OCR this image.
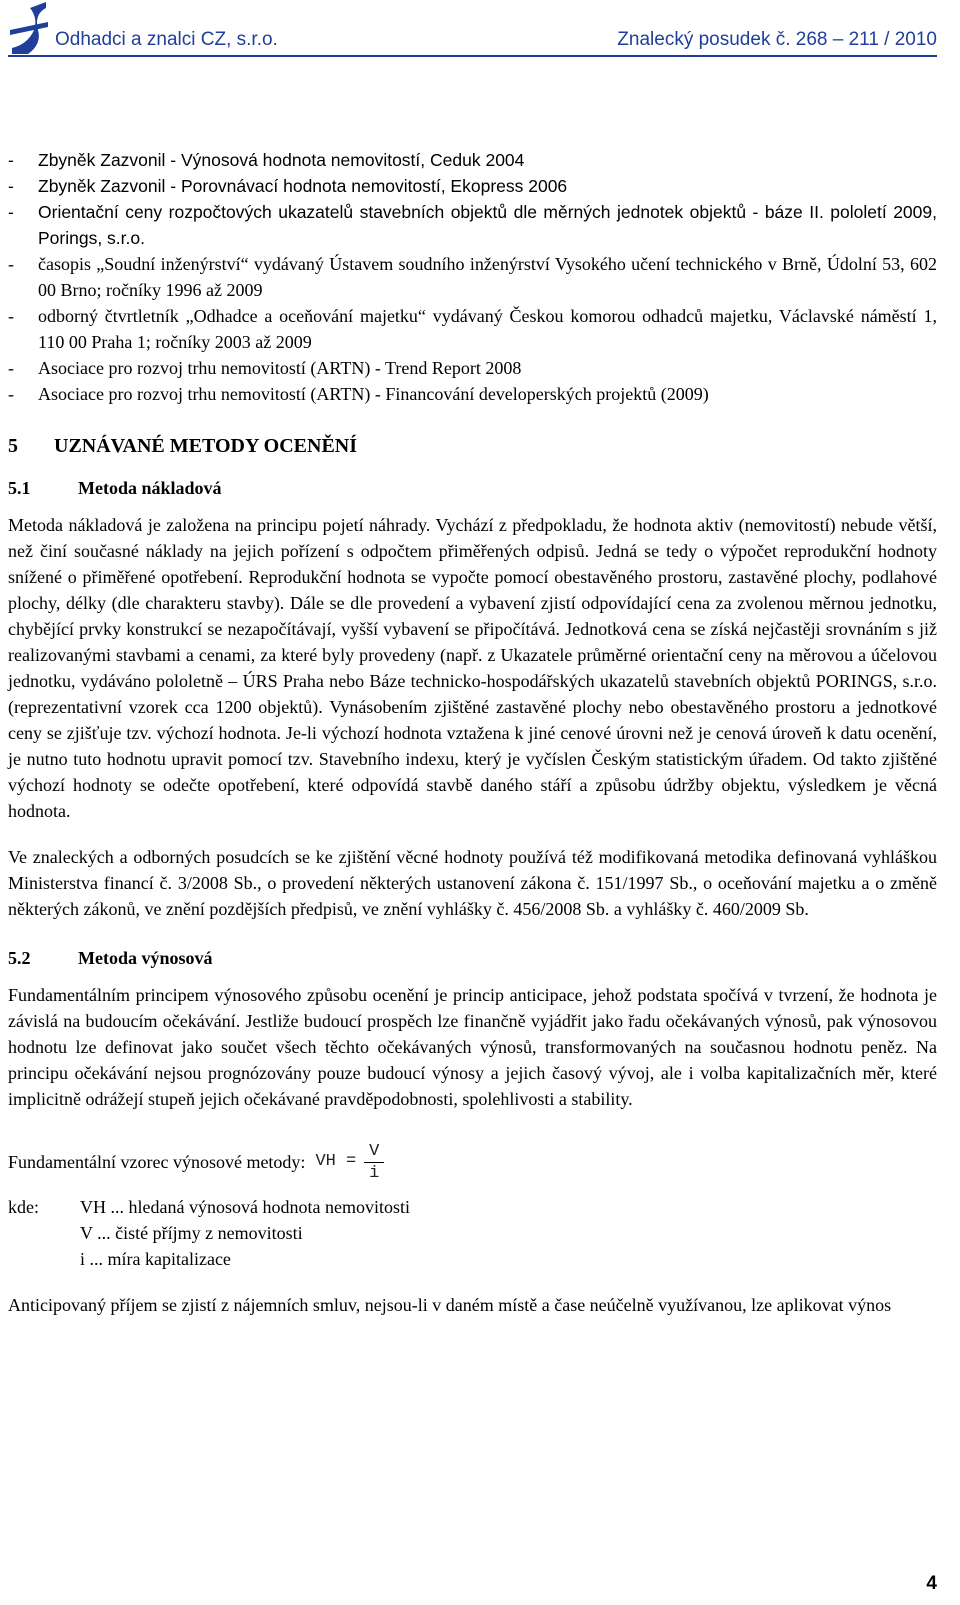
Odhadci a znalci CZ, s.r.o.	Znalecký posudek č. 268 – 211 / 2010
-	Zbyněk Zazvonil - Výnosová hodnota nemovitostí, Ceduk 2004
-	Zbyněk Zazvonil - Porovnávací hodnota nemovitostí, Ekopress 2006
-	Orientační ceny rozpočtových ukazatelů stavebních objektů dle měrných jednotek objektů - báze II. pololetí 2009, Porings, s.r.o.
-	časopis „Soudní inženýrství“ vydávaný Ústavem soudního inženýrství Vysokého učení technického v Brně, Údolní 53, 602 00 Brno; ročníky 1996 až 2009
-	odborný čtvrtletník „Odhadce a oceňování majetku“ vydávaný Českou komorou odhadců majetku, Václavské náměstí 1, 110 00 Praha 1; ročníky 2003 až 2009
-	Asociace pro rozvoj trhu nemovitostí (ARTN) - Trend Report 2008
-	Asociace pro rozvoj trhu nemovitostí (ARTN) - Financování developerských projektů (2009)
5	UZNÁVANÉ METODY OCENĚNÍ
5.1	Metoda nákladová

Metoda nákladová je založena na principu pojetí náhrady. Vychází z předpokladu, že hodnota aktiv (nemovitostí) nebude větší, než činí současné náklady na jejich pořízení s odpočtem přiměřených odpisů. Jedná se tedy o výpočet reprodukční hodnoty snížené o přiměřené opotřebení. Reprodukční hodnota se vypočte pomocí obestavěného prostoru, zastavěné plochy, podlahové plochy, délky (dle charakteru stavby). Dále se dle provedení a vybavení zjistí odpovídající cena za zvolenou měrnou jednotku, chybějící prvky konstrukcí se nezapočítávají, vyšší vybavení se připočítává. Jednotková cena se získá nejčastěji srovnáním s již realizovanými stavbami a cenami, za které byly provedeny (např. z Ukazatele průměrné orientační ceny na měrovou a účelovou jednotku, vydáváno pololetně – ÚRS Praha nebo Báze technicko-hospodářských ukazatelů stavebních objektů PORINGS, s.r.o. (reprezentativní vzorek cca 1200 objektů). Vynásobením zjištěné zastavěné plochy nebo obestavěného prostoru a jednotkové ceny se zjišťuje tzv. výchozí hodnota. Je-li výchozí hodnota vztažena k jiné cenové úrovni než je cenová úroveň k datu ocenění, je nutno tuto hodnotu upravit pomocí tzv. Stavebního indexu, který je vyčíslen Českým statistickým úřadem. Od takto zjištěné výchozí hodnoty se odečte opotřebení, které odpovídá stavbě daného stáří a způsobu údržby objektu, výsledkem je věcná hodnota.

Ve znaleckých a odborných posudcích se ke zjištění věcné hodnoty používá též modifikovaná metodika definovaná vyhláškou Ministerstva financí č. 3/2008 Sb., o provedení některých ustanovení zákona č. 151/1997 Sb., o oceňování majetku a o změně některých zákonů, ve znění pozdějších předpisů, ve znění vyhlášky č. 456/2008 Sb. a vyhlášky č. 460/2009 Sb.

5.2	Metoda výnosová

Fundamentálním principem výnosového způsobu ocenění je princip anticipace, jehož podstata spočívá v tvrzení, že hodnota je závislá na budoucím očekávání. Jestliže budoucí prospěch lze finančně vyjádřit jako řadu očekávaných výnosů, pak výnosovou hodnotu lze definovat jako součet všech těchto očekávaných výnosů, transformovaných na současnou hodnotu peněz. Na principu očekávání nejsou prognózovány pouze budoucí výnosy a jejich časový vývoj, ale i volba kapitalizačních měr, které implicitně odrážejí stupeň jejich očekávané pravděpodobnosti, spolehlivosti a stability.

Fundamentální vzorec výnosové metody: VH = $\frac{V}{i}$
kde:	VH ... hledaná výnosová hodnota nemovitosti
V ... čisté příjmy z nemovitosti
i ... míra kapitalizace

Anticipovaný příjem se zjistí z nájemních smluv, nejsou-li v daném místě a čase neúčelně využívanou, lze aplikovat výnos

4
